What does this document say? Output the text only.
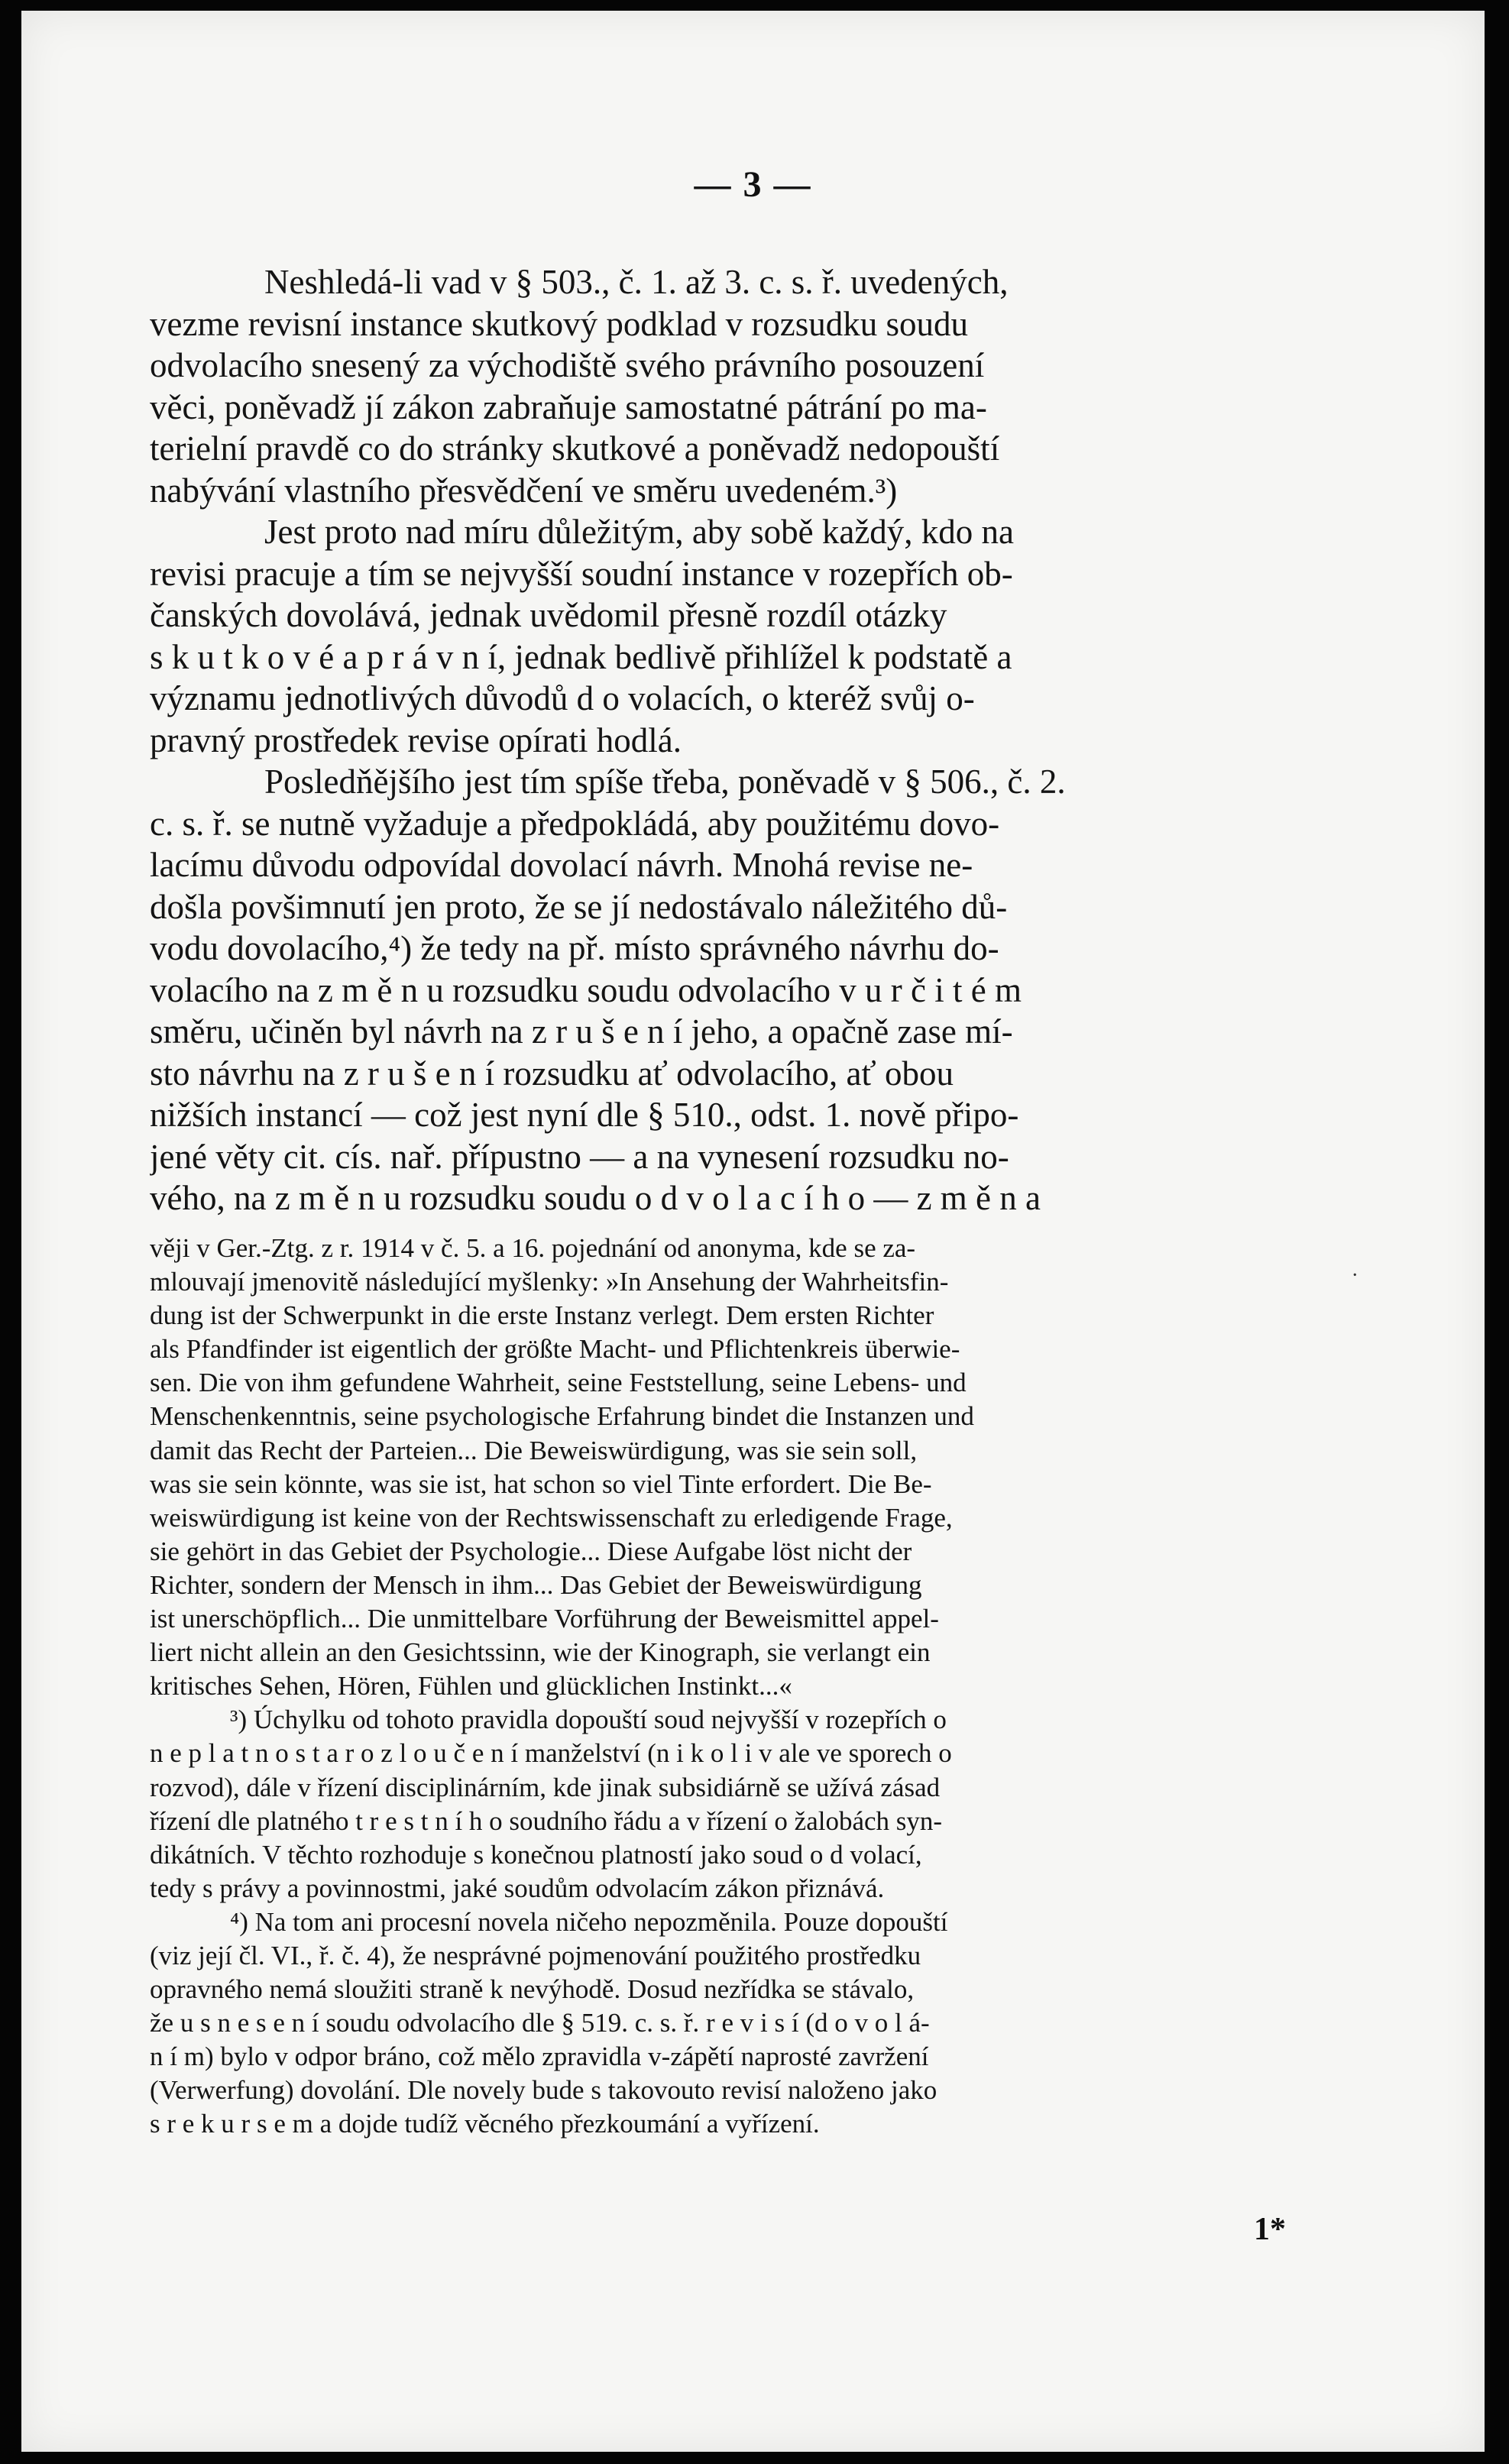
— 3 —
Neshledá-li vad v § 503., č. 1. až 3. c. s. ř. uvedených,
vezme revisní instance skutkový podklad v rozsudku soudu
odvolacího snesený za východiště svého právního posouzení
věci, poněvadž jí zákon zabraňuje samostatné pátrání po ma-
terielní pravdě co do stránky skutkové a poněvadž nedopouští
nabývání vlastního přesvědčení ve směru uvedeném.³)
Jest proto nad míru důležitým, aby sobě každý, kdo na
revisi pracuje a tím se nejvyšší soudní instance v rozepřích ob-
čanských dovolává, jednak uvědomil přesně rozdíl otázky
s k u t k o v é a p r á v n í, jednak bedlivě přihlížel k podstatě a
významu jednotlivých důvodů d o volacích, o kteréž svůj o-
pravný prostředek revise opírati hodlá.
Posledňějšího jest tím spíše třeba, poněvadě v § 506., č. 2.
c. s. ř. se nutně vyžaduje a předpokládá, aby použitému dovo-
lacímu důvodu odpovídal dovolací návrh. Mnohá revise ne-
došla povšimnutí jen proto, že se jí nedostávalo náležitého dů-
vodu dovolacího,⁴) že tedy na př. místo správného návrhu do-
volacího na z m ě n u rozsudku soudu odvolacího v u r č i t é m
směru, učiněn byl návrh na z r u š e n í jeho, a opačně zase mí-
sto návrhu na z r u š e n í rozsudku ať odvolacího, ať obou
nižších instancí — což jest nyní dle § 510., odst. 1. nově připo-
jené věty cit. cís. nař. přípustno — a na vynesení rozsudku no-
vého, na z m ě n u rozsudku soudu o d v o l a c í h o — z m ě n a
věji v Ger.-Ztg. z r. 1914 v č. 5. a 16. pojednání od anonyma, kde se za-
mlouvají jmenovitě následující myšlenky: »In Ansehung der Wahrheitsfin-
dung ist der Schwerpunkt in die erste Instanz verlegt. Dem ersten Richter
als Pfandfinder ist eigentlich der größte Macht- und Pflichtenkreis überwie-
sen. Die von ihm gefundene Wahrheit, seine Feststellung, seine Lebens- und
Menschenkenntnis, seine psychologische Erfahrung bindet die Instanzen und
damit das Recht der Parteien... Die Beweiswürdigung, was sie sein soll,
was sie sein könnte, was sie ist, hat schon so viel Tinte erfordert. Die Be-
weiswürdigung ist keine von der Rechtswissenschaft zu erledigende Frage,
sie gehört in das Gebiet der Psychologie... Diese Aufgabe löst nicht der
Richter, sondern der Mensch in ihm... Das Gebiet der Beweiswürdigung
ist unerschöpflich... Die unmittelbare Vorführung der Beweismittel appel-
liert nicht allein an den Gesichtssinn, wie der Kinograph, sie verlangt ein
kritisches Sehen, Hören, Fühlen und glücklichen Instinkt...«
³) Úchylku od tohoto pravidla dopouští soud nejvyšší v rozepřích o
n e p l a t n o s t a r o z l o u č e n í manželství (n i k o l i v ale ve sporech o
rozvod), dále v řízení disciplinárním, kde jinak subsidiárně se užívá zásad
řízení dle platného t r e s t n í h o soudního řádu a v řízení o žalobách syn-
dikátních. V těchto rozhoduje s konečnou platností jako soud o d volací,
tedy s právy a povinnostmi, jaké soudům odvolacím zákon přiznává.
⁴) Na tom ani procesní novela ničeho nepozměnila. Pouze dopouští
(viz její čl. VI., ř. č. 4), že nesprávné pojmenování použitého prostředku
opravného nemá sloužiti straně k nevýhodě. Dosud nezřídka se stávalo,
že u s n e s e n í soudu odvolacího dle § 519. c. s. ř. r e v i s í (d o v o l á-
n í m) bylo v odpor bráno, což mělo zpravidla v-zápětí naprosté zavržení
(Verwerfung) dovolání. Dle novely bude s takovouto revisí naloženo jako
s r e k u r s e m a dojde tudíž věcného přezkoumání a vyřízení.
·
1*
